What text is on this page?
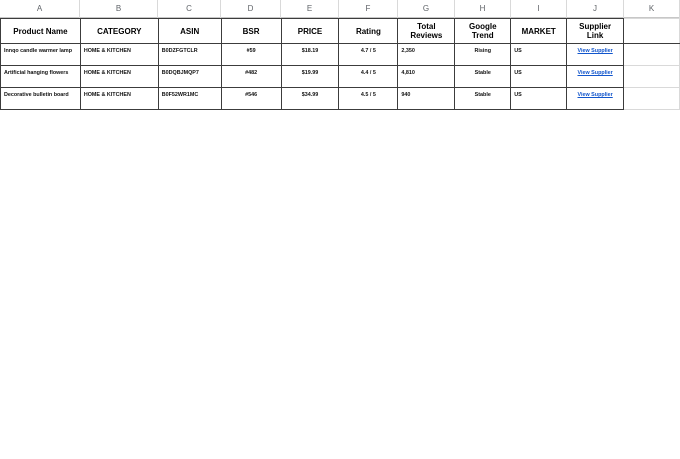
A	B	C	D	E	F	G	H	I	J	K
Product Name	CATEGORY	ASIN	BSR	PRICE	Rating	Total Reviews	Google Trend	MARKET	Supplier Link	
Innqo candle warmer lamp	HOME & KITCHEN	B0DZFGTCLR	#59	$18.19	4.7 / 5	2,350	Rising	US	View Supplier	
Artificial hanging flowers	HOME & KITCHEN	B0DQBJMQP7	#482	$19.99	4.4 / 5	4,810	Stable	US	View Supplier	
Decorative bulletin board	HOME & KITCHEN	B0F52WR1MC	#546	$34.99	4.5 / 5	940	Stable	US	View Supplier	
